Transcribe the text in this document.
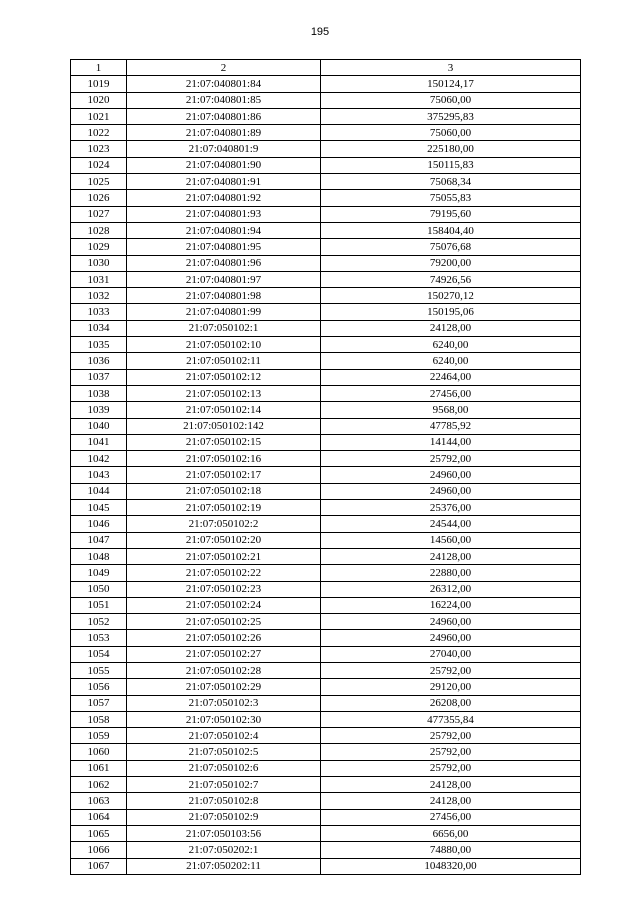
195
1	2	3
1019	21:07:040801:84	150124,17
1020	21:07:040801:85	75060,00
1021	21:07:040801:86	375295,83
1022	21:07:040801:89	75060,00
1023	21:07:040801:9	225180,00
1024	21:07:040801:90	150115,83
1025	21:07:040801:91	75068,34
1026	21:07:040801:92	75055,83
1027	21:07:040801:93	79195,60
1028	21:07:040801:94	158404,40
1029	21:07:040801:95	75076,68
1030	21:07:040801:96	79200,00
1031	21:07:040801:97	74926,56
1032	21:07:040801:98	150270,12
1033	21:07:040801:99	150195,06
1034	21:07:050102:1	24128,00
1035	21:07:050102:10	6240,00
1036	21:07:050102:11	6240,00
1037	21:07:050102:12	22464,00
1038	21:07:050102:13	27456,00
1039	21:07:050102:14	9568,00
1040	21:07:050102:142	47785,92
1041	21:07:050102:15	14144,00
1042	21:07:050102:16	25792,00
1043	21:07:050102:17	24960,00
1044	21:07:050102:18	24960,00
1045	21:07:050102:19	25376,00
1046	21:07:050102:2	24544,00
1047	21:07:050102:20	14560,00
1048	21:07:050102:21	24128,00
1049	21:07:050102:22	22880,00
1050	21:07:050102:23	26312,00
1051	21:07:050102:24	16224,00
1052	21:07:050102:25	24960,00
1053	21:07:050102:26	24960,00
1054	21:07:050102:27	27040,00
1055	21:07:050102:28	25792,00
1056	21:07:050102:29	29120,00
1057	21:07:050102:3	26208,00
1058	21:07:050102:30	477355,84
1059	21:07:050102:4	25792,00
1060	21:07:050102:5	25792,00
1061	21:07:050102:6	25792,00
1062	21:07:050102:7	24128,00
1063	21:07:050102:8	24128,00
1064	21:07:050102:9	27456,00
1065	21:07:050103:56	6656,00
1066	21:07:050202:1	74880,00
1067	21:07:050202:11	1048320,00
